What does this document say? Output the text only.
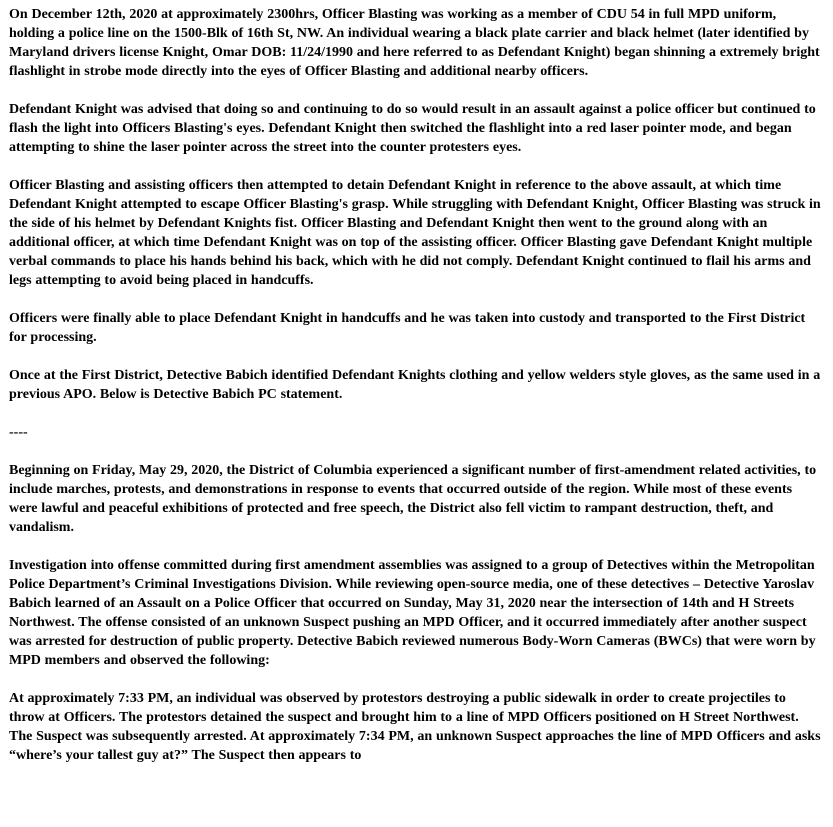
On December 12th, 2020 at approximately 2300hrs, Officer Blasting was working as a member of CDU 54 in full MPD uniform, holding a police line on the 1500-Blk of 16th St, NW. An individual wearing a black plate carrier and black helmet (later identified by Maryland drivers license Knight, Omar DOB: 11/24/1990 and here referred to as Defendant Knight) began shinning a extremely bright flashlight in strobe mode directly into the eyes of Officer Blasting and additional nearby officers.

Defendant Knight was advised that doing so and continuing to do so would result in an assault against a police officer but continued to flash the light into Officers Blasting's eyes. Defendant Knight then switched the flashlight into a red laser pointer mode, and began attempting to shine the laser pointer across the street into the counter protesters eyes.

Officer Blasting and assisting officers then attempted to detain Defendant Knight in reference to the above assault, at which time Defendant Knight attempted to escape Officer Blasting's grasp. While struggling with Defendant Knight, Officer Blasting was struck in the side of his helmet by Defendant Knights fist. Officer Blasting and Defendant Knight then went to the ground along with an additional officer, at which time Defendant Knight was on top of the assisting officer. Officer Blasting gave Defendant Knight multiple verbal commands to place his hands behind his back, which with he did not comply. Defendant Knight continued to flail his arms and legs attempting to avoid being placed in handcuffs.

Officers were finally able to place Defendant Knight in handcuffs and he was taken into custody and transported to the First District for processing.

Once at the First District, Detective Babich identified Defendant Knights clothing and yellow welders style gloves, as the same used in a previous APO. Below is Detective Babich PC statement.

----

Beginning on Friday, May 29, 2020, the District of Columbia experienced a significant number of first-amendment related activities, to include marches, protests, and demonstrations in response to events that occurred outside of the region. While most of these events were lawful and peaceful exhibitions of protected and free speech, the District also fell victim to rampant destruction, theft, and vandalism.

Investigation into offense committed during first amendment assemblies was assigned to a group of Detectives within the Metropolitan Police Department’s Criminal Investigations Division. While reviewing open-source media, one of these detectives – Detective Yaroslav Babich learned of an Assault on a Police Officer that occurred on Sunday, May 31, 2020 near the intersection of 14th and H Streets Northwest. The offense consisted of an unknown Suspect pushing an MPD Officer, and it occurred immediately after another suspect was arrested for destruction of public property. Detective Babich reviewed numerous Body-Worn Cameras (BWCs) that were worn by MPD members and observed the following:

At approximately 7:33 PM, an individual was observed by protestors destroying a public sidewalk in order to create projectiles to throw at Officers. The protestors detained the suspect and brought him to a line of MPD Officers positioned on H Street Northwest. The Suspect was subsequently arrested. At approximately 7:34 PM, an unknown Suspect approaches the line of MPD Officers and asks “where’s your tallest guy at?” The Suspect then appears to
